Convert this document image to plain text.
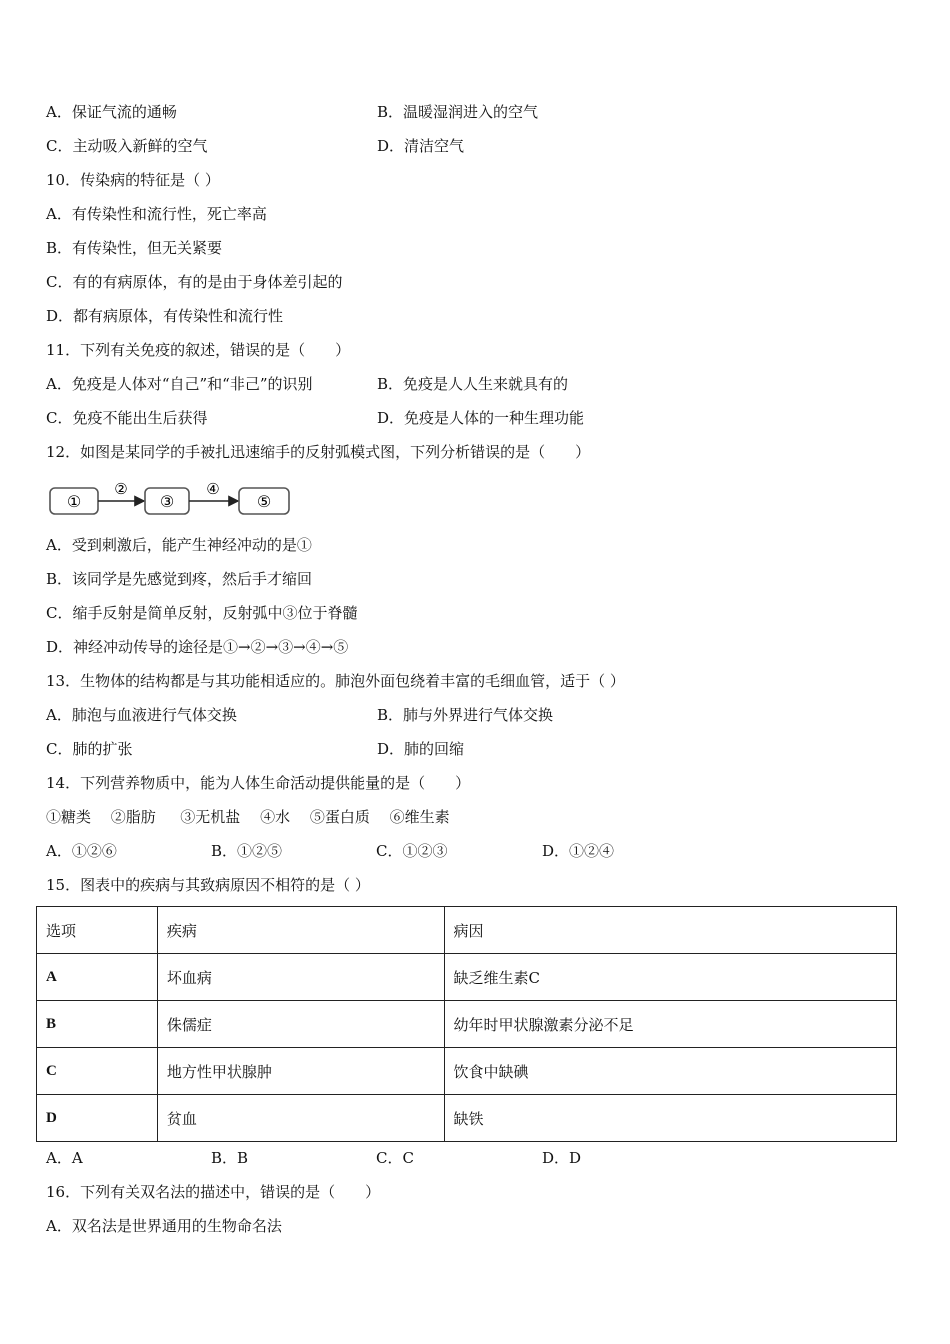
A．保证气流的通畅	B．温暖湿润进入的空气
C．主动吸入新鲜的空气	D．清洁空气
10．传染病的特征是（ ）
A．有传染性和流行性，死亡率高
B．有传染性，但无关紧要
C．有的有病原体，有的是由于身体差引起的
D．都有病原体，有传染性和流行性
11．下列有关免疫的叙述，错误的是（　　）
A．免疫是人体对“自己”和“非己”的识别	B．免疫是人人生来就具有的
C．免疫不能出生后获得	D．免疫是人体的一种生理功能
12．如图是某同学的手被扎迅速缩手的反射弧模式图，下列分析错误的是（　　）
①
②
③
④
⑤
A．受到刺激后，能产生神经冲动的是①
B．该同学是先感觉到疼，然后手才缩回
C．缩手反射是简单反射，反射弧中③位于脊髓
D．神经冲动传导的途径是①→②→③→④→⑤
13．生物体的结构都是与其功能相适应的。肺泡外面包绕着丰富的毛细血管，适于（ ）
A．肺泡与血液进行气体交换	B．肺与外界进行气体交换
C．肺的扩张	D．肺的回缩
14．下列营养物质中，能为人体生命活动提供能量的是（　　）
①糖类 　②脂肪 　 ③无机盐 　④水 　⑤蛋白质 　⑥维生素
A．①②⑥	B．①②⑤	C．①②③	D．①②④
15．图表中的疾病与其致病原因不相符的是（ ）
选项	疾病	病因
A	坏血病	缺乏维生素C
B	侏儒症	幼年时甲状腺激素分泌不足
C	地方性甲状腺肿	饮食中缺碘
D	贫血	缺铁
A．A	B．B	C．C	D．D
16．下列有关双名法的描述中，错误的是（　　）
A．双名法是世界通用的生物命名法
